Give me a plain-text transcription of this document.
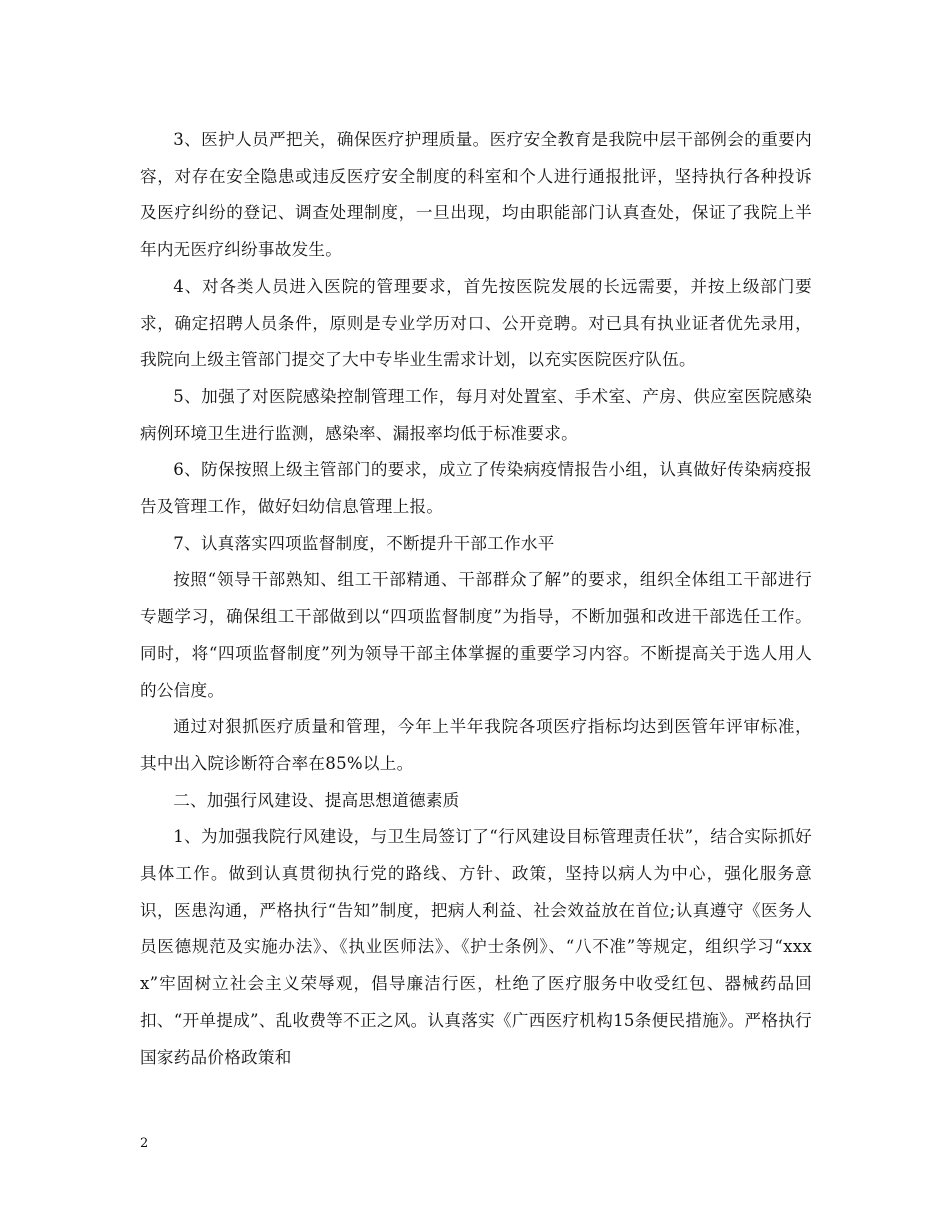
3、医护人员严把关，确保医疗护理质量。医疗安全教育是我院中层干部例会的重要内容，对存在安全隐患或违反医疗安全制度的科室和个人进行通报批评，坚持执行各种投诉及医疗纠纷的登记、调查处理制度，一旦出现，均由职能部门认真查处，保证了我院上半年内无医疗纠纷事故发生。

4、对各类人员进入医院的管理要求，首先按医院发展的长远需要，并按上级部门要求，确定招聘人员条件，原则是专业学历对口、公开竞聘。对已具有执业证者优先录用，我院向上级主管部门提交了大中专毕业生需求计划，以充实医院医疗队伍。

5、加强了对医院感染控制管理工作，每月对处置室、手术室、产房、供应室医院感染病例环境卫生进行监测，感染率、漏报率均低于标准要求。

6、防保按照上级主管部门的要求，成立了传染病疫情报告小组，认真做好传染病疫报告及管理工作，做好妇幼信息管理上报。

7、认真落实四项监督制度，不断提升干部工作水平

按照“领导干部熟知、组工干部精通、干部群众了解”的要求，组织全体组工干部进行专题学习，确保组工干部做到以“四项监督制度”为指导，不断加强和改进干部选任工作。同时，将“四项监督制度”列为领导干部主体掌握的重要学习内容。不断提高关于选人用人的公信度。

通过对狠抓医疗质量和管理，今年上半年我院各项医疗指标均达到医管年评审标准，其中出入院诊断符合率在85%以上。

二、加强行风建设、提高思想道德素质

1、为加强我院行风建设，与卫生局签订了“行风建设目标管理责任状”，结合实际抓好具体工作。做到认真贯彻执行党的路线、方针、政策，坚持以病人为中心，强化服务意识，医患沟通，严格执行“告知”制度，把病人利益、社会效益放在首位;认真遵守《医务人员医德规范及实施办法》、《执业医师法》、《护士条例》、“八不准”等规定，组织学习“xxxx”牢固树立社会主义荣辱观，倡导廉洁行医，杜绝了医疗服务中收受红包、器械药品回扣、“开单提成”、乱收费等不正之风。认真落实《广西医疗机构15条便民措施》。严格执行国家药品价格政策和

2
